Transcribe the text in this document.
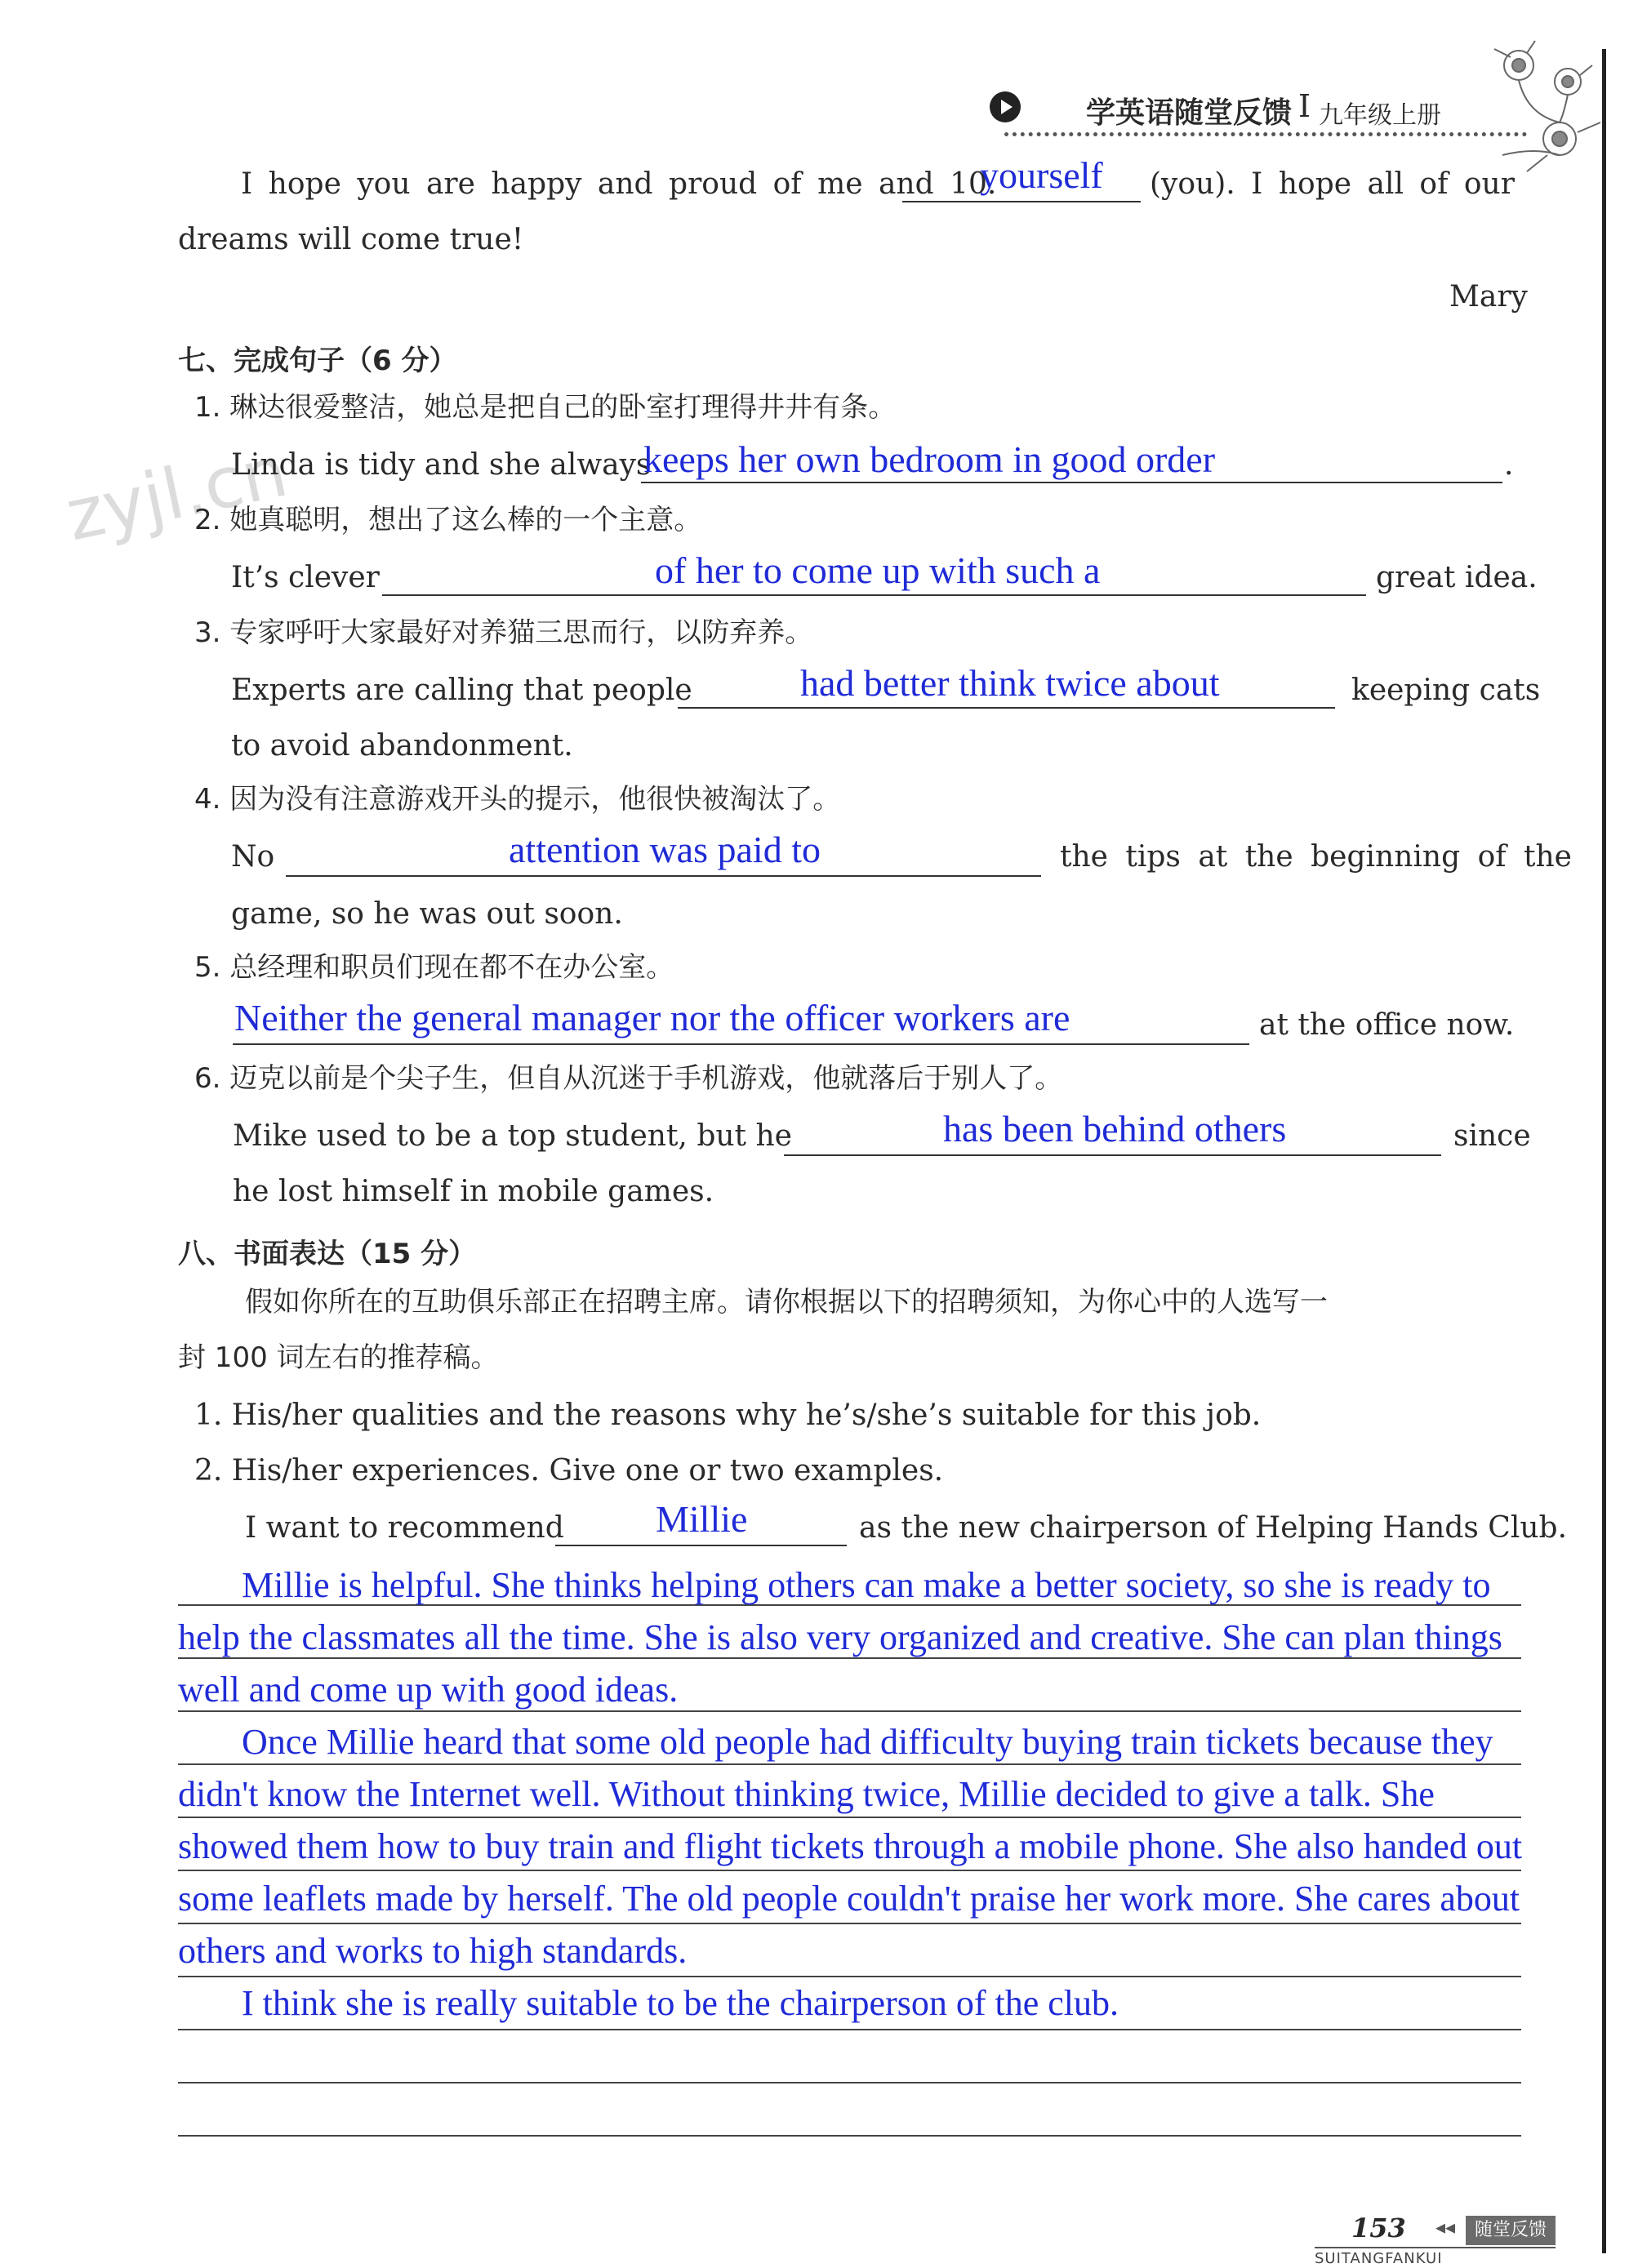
学英语随堂反馈 I 九年级上册
I hope you are happy and proud of me and 10.
yourself (you). I hope all of our
dreams will come true!
Mary
zyjl.cn
七、完成句子（6 分）
1. 琳达很爱整洁，她总是把自己的卧室打理得井井有条。
Linda is tidy and she always
keeps her own bedroom in good order	.
2. 她真聪明，想出了这么棒的一个主意。
It’s clever	of her to come up with such a	great idea.
3. 专家呼吁大家最好对养猫三思而行，以防弃养。
Experts are calling that people	had better think twice about	keeping cats
to avoid abandonment.
4. 因为没有注意游戏开头的提示，他很快被淘汰了。
No	attention was paid to	the tips at the beginning of the
game, so he was out soon.
5. 总经理和职员们现在都不在办公室。
Neither the general manager nor the officer workers are	at the office now.
6. 迈克以前是个尖子生，但自从沉迷于手机游戏，他就落后于别人了。
Mike used to be a top student, but he	has been behind others	since
he lost himself in mobile games.
八、书面表达（15 分）
假如你所在的互助俱乐部正在招聘主席。请你根据以下的招聘须知，为你心中的人选写一
封 100 词左右的推荐稿。
1. His/her qualities and the reasons why he’s/she’s suitable for this job.
2. His/her experiences. Give one or two examples.
I want to recommend Millie	as the new chairperson of Helping Hands Club.

Millie is helpful. She thinks helping others can make a better society, so she is ready to help the classmates all the time. She is also very organized and creative. She can plan things well and come up with good ideas.

Once Millie heard that some old people had difficulty buying train tickets because they didn't know the Internet well. Without thinking twice, Millie decided to give a talk. She showed them how to buy train and flight tickets through a mobile phone. She also handed out some leaflets made by herself. The old people couldn't praise her work more. She cares about others and works to high standards.

I think she is really suitable to be the chairperson of the club.

153 ◂◂	随堂反馈
SUITANGFANKUI
